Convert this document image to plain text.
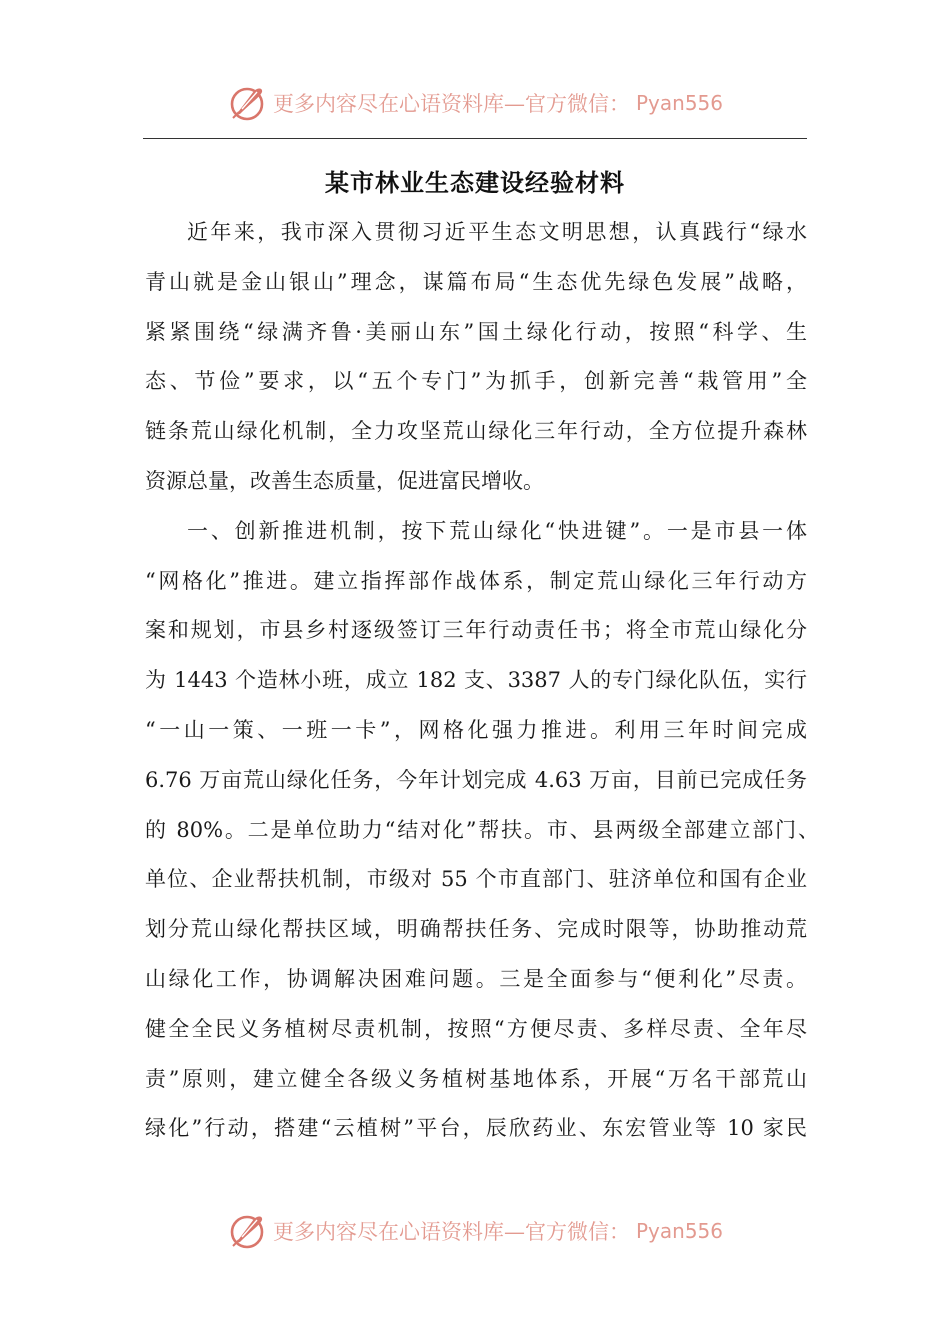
更多内容尽在心语资料库—官方微信： Pyan556
某市林业生态建设经验材料
近年来，我市深入贯彻习近平生态文明思想，认真践行“绿水
青山就是金山银山”理念，谋篇布局“生态优先绿色发展”战略，
紧紧围绕“绿满齐鲁·美丽山东”国土绿化行动，按照“科学、生
态、节俭”要求，以“五个专门”为抓手，创新完善“栽管用”全
链条荒山绿化机制，全力攻坚荒山绿化三年行动，全方位提升森林
资源总量，改善生态质量，促进富民增收。
一、创新推进机制，按下荒山绿化“快进键”。一是市县一体
“网格化”推进。建立指挥部作战体系，制定荒山绿化三年行动方
案和规划，市县乡村逐级签订三年行动责任书；将全市荒山绿化分
为 1443 个造林小班，成立 182 支、3387 人的专门绿化队伍，实行
“一山一策、一班一卡”，网格化强力推进。利用三年时间完成
6.76 万亩荒山绿化任务，今年计划完成 4.63 万亩，目前已完成任务
的 80%。二是单位助力“结对化”帮扶。市、县两级全部建立部门、
单位、企业帮扶机制，市级对 55 个市直部门、驻济单位和国有企业
划分荒山绿化帮扶区域，明确帮扶任务、完成时限等，协助推动荒
山绿化工作，协调解决困难问题。三是全面参与“便利化”尽责。
健全全民义务植树尽责机制，按照“方便尽责、多样尽责、全年尽
责”原则，建立健全各级义务植树基地体系，开展“万名干部荒山
绿化”行动，搭建“云植树”平台，辰欣药业、东宏管业等 10 家民
更多内容尽在心语资料库—官方微信： Pyan556
